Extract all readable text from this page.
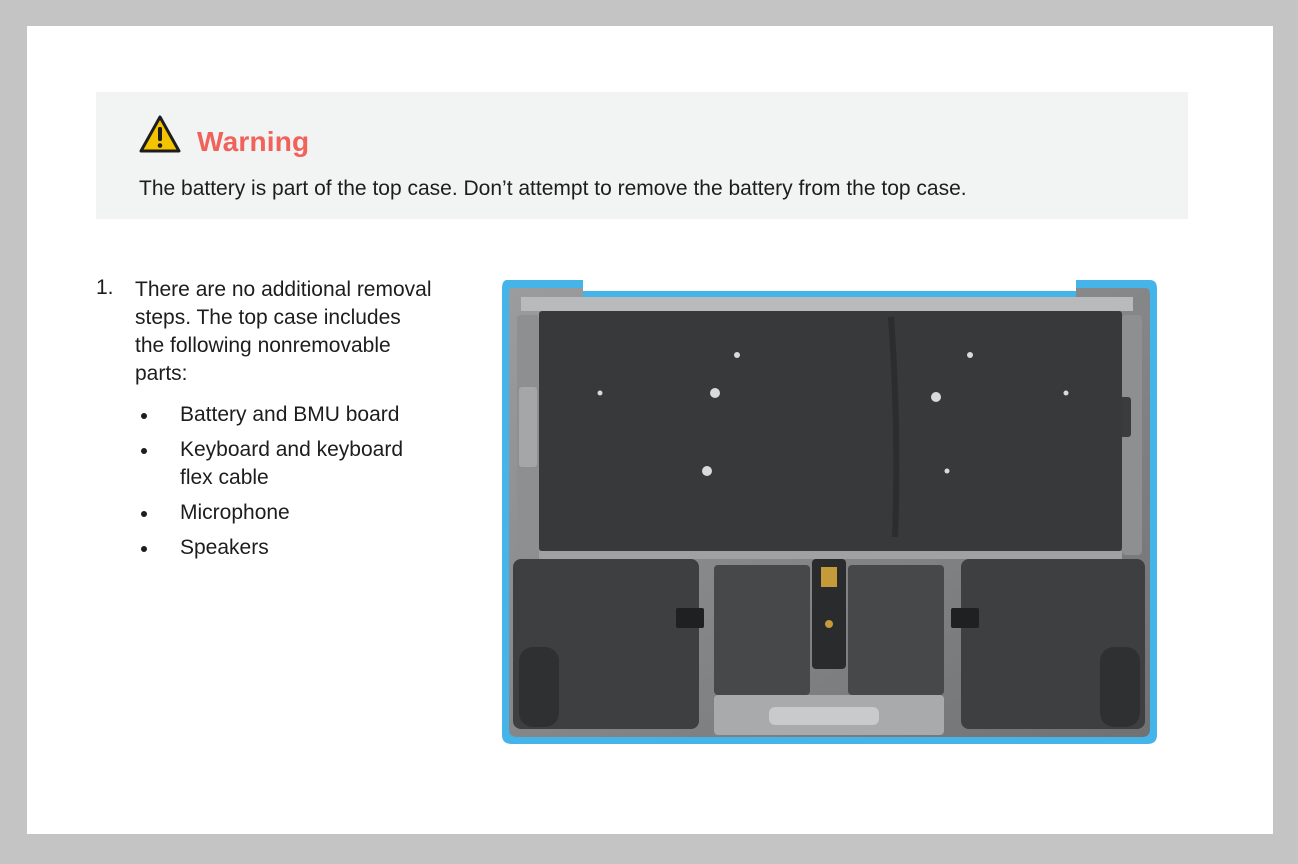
Warning
The battery is part of the top case. Don’t attempt to remove the battery from the top case.
1. There are no additional removal steps. The top case includes the following nonremovable parts:
Battery and BMU board
Keyboard and keyboard flex cable
Microphone
Speakers
